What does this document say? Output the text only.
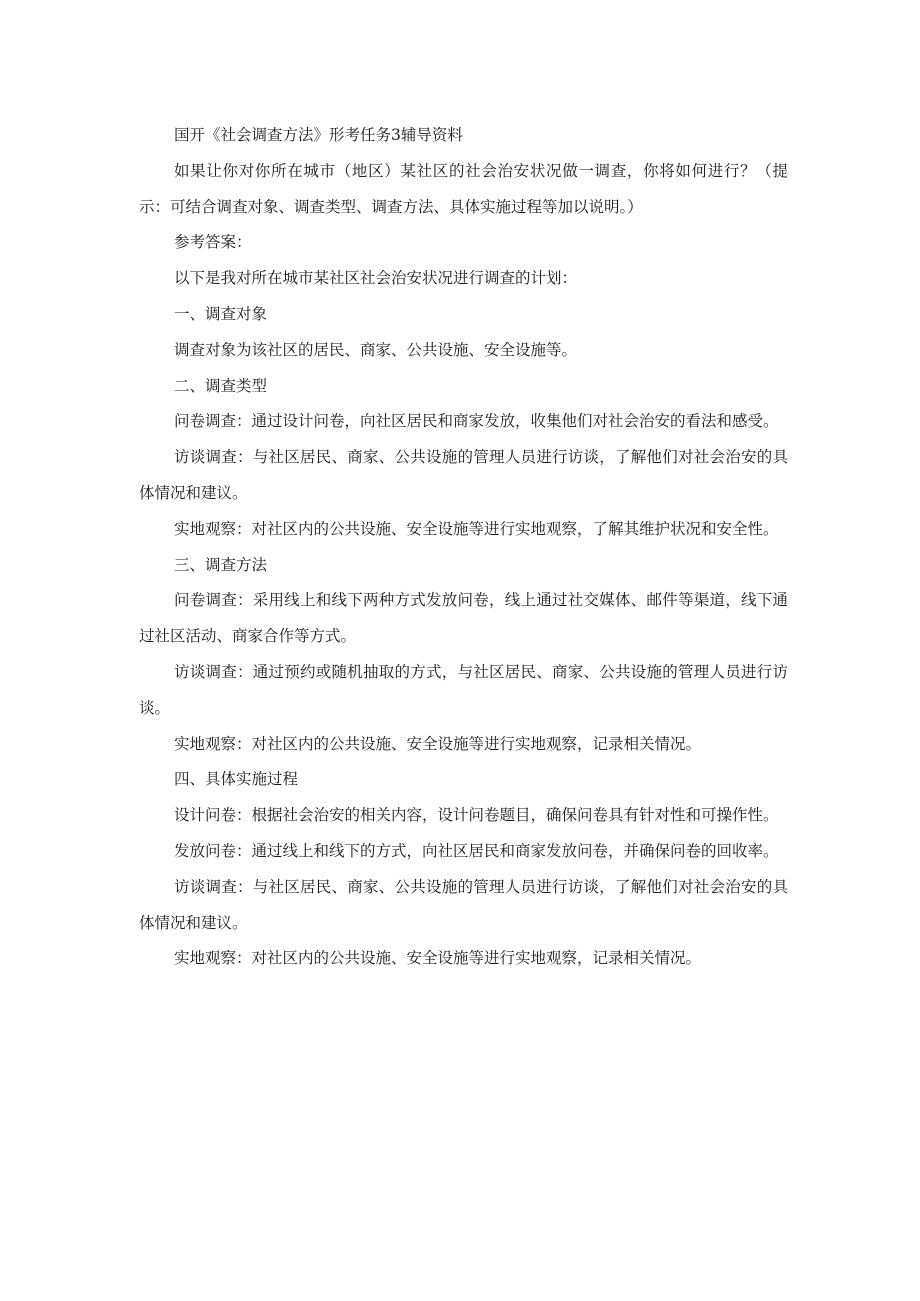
国开《社会调查方法》形考任务3辅导资料

如果让你对你所在城市（地区）某社区的社会治安状况做一调查，你将如何进行？（提示：可结合调查对象、调查类型、调查方法、具体实施过程等加以说明。）

参考答案：

以下是我对所在城市某社区社会治安状况进行调查的计划：

一、调查对象

调查对象为该社区的居民、商家、公共设施、安全设施等。

二、调查类型

问卷调查：通过设计问卷，向社区居民和商家发放，收集他们对社会治安的看法和感受。

访谈调查：与社区居民、商家、公共设施的管理人员进行访谈，了解他们对社会治安的具体情况和建议。

实地观察：对社区内的公共设施、安全设施等进行实地观察，了解其维护状况和安全性。

三、调查方法

问卷调查：采用线上和线下两种方式发放问卷，线上通过社交媒体、邮件等渠道，线下通过社区活动、商家合作等方式。

访谈调查：通过预约或随机抽取的方式，与社区居民、商家、公共设施的管理人员进行访谈。

实地观察：对社区内的公共设施、安全设施等进行实地观察，记录相关情况。

四、具体实施过程

设计问卷：根据社会治安的相关内容，设计问卷题目，确保问卷具有针对性和可操作性。

发放问卷：通过线上和线下的方式，向社区居民和商家发放问卷，并确保问卷的回收率。

访谈调查：与社区居民、商家、公共设施的管理人员进行访谈，了解他们对社会治安的具体情况和建议。

实地观察：对社区内的公共设施、安全设施等进行实地观察，记录相关情况。
